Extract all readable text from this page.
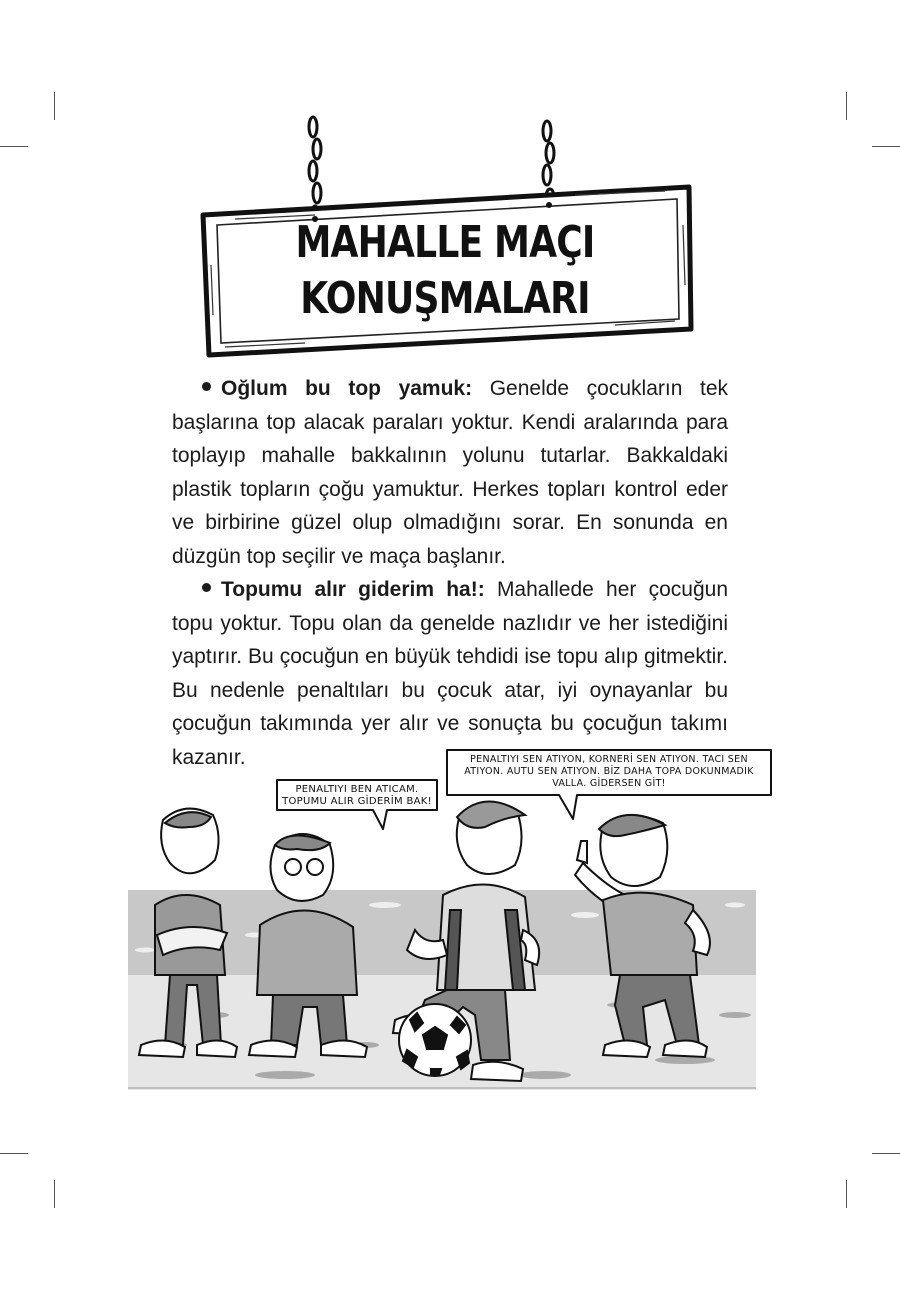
MAHALLE MAÇI
KONUŞMALARI

Oğlum bu top yamuk: Genelde çocukların tek başlarına top alacak paraları yoktur. Kendi aralarında para toplayıp mahalle bakkalının yolunu tutarlar. Bakkaldaki plastik topların çoğu yamuktur. Herkes topları kontrol eder ve birbirine güzel olup olmadığını sorar. En sonunda en düzgün top seçilir ve maça başlanır.

Topumu alır giderim ha!: Mahallede her çocuğun topu yoktur. Topu olan da genelde nazlıdır ve her istediğini yaptırır. Bu çocuğun en büyük tehdidi ise topu alıp gitmektir. Bu nedenle penaltıları bu çocuk atar, iyi oynayanlar bu çocuğun takımında yer alır ve sonuçta bu çocuğun takımı kazanır.

PENALTIYI BEN ATICAM.
TOPUMU ALIR GİDERİM BAK!
PENALTIYI SEN ATIYON, KORNERİ SEN ATIYON. TACI SEN
ATIYON. AUTU SEN ATIYON. BİZ DAHA TOPA DOKUNMADIK
VALLA. GİDERSEN GİT!
